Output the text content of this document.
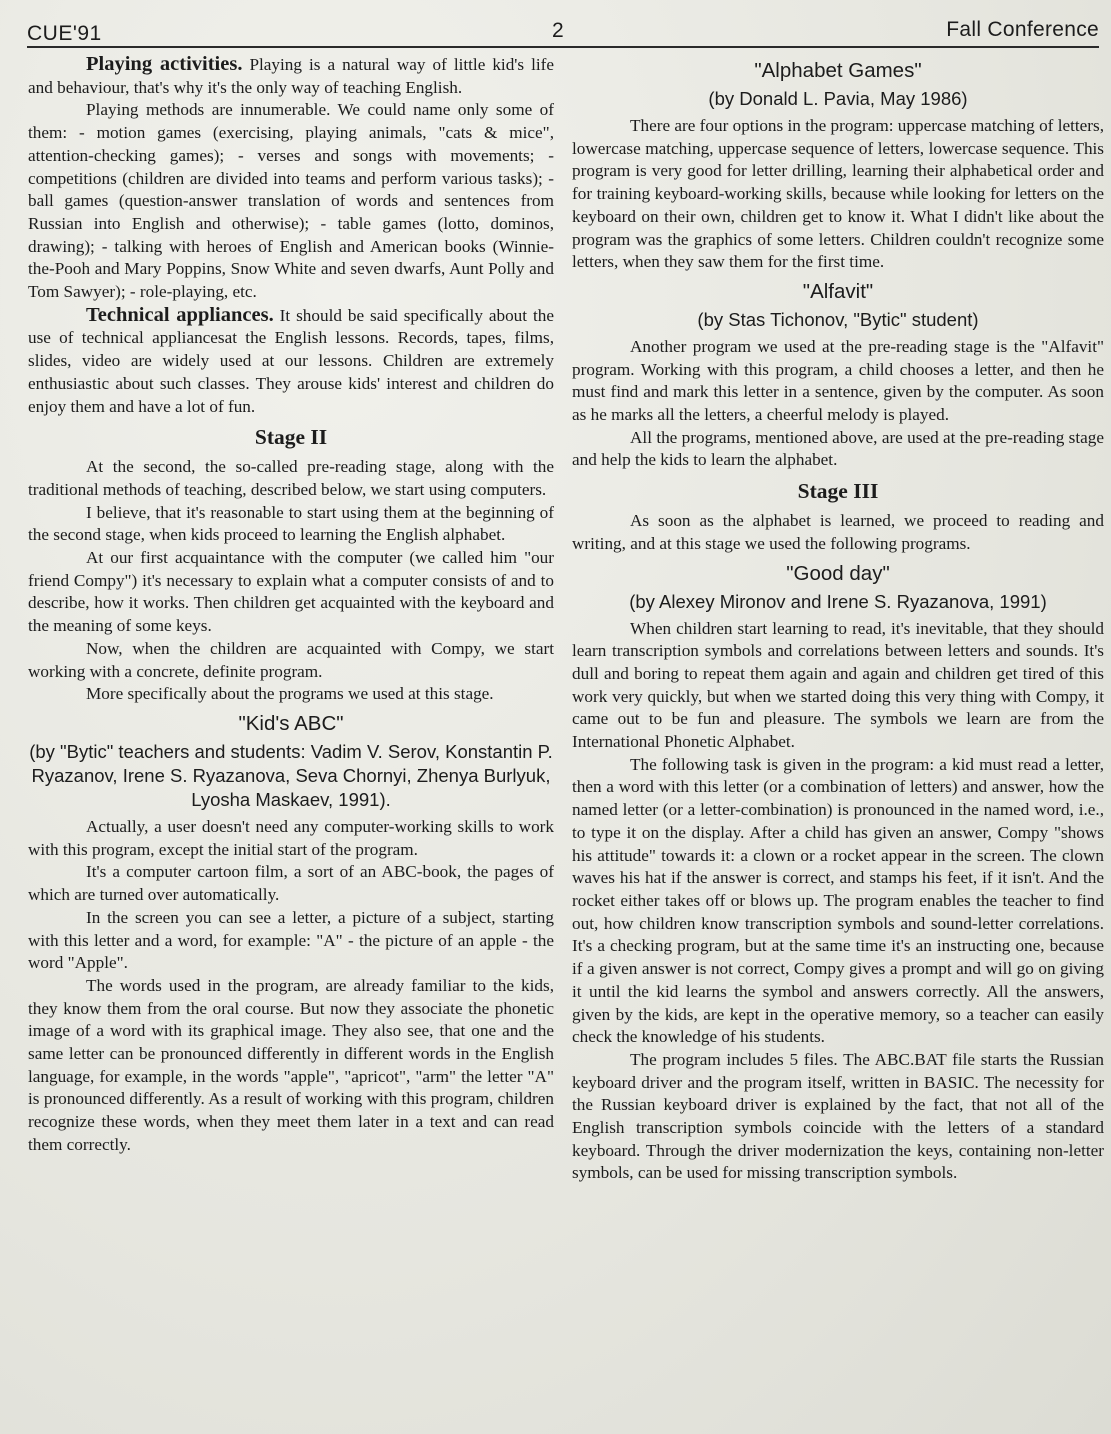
CUE'91	2	Fall Conference

Playing activities. Playing is a natural way of little kid's life and behaviour, that's why it's the only way of teaching English.

Playing methods are innumerable. We could name only some of them: - motion games (exercising, playing animals, "cats & mice", attention-checking games); - verses and songs with movements; - competitions (children are divided into teams and perform various tasks); - ball games (question-answer translation of words and sentences from Russian into English and otherwise); - table games (lotto, dominos, drawing); - talking with heroes of English and American books (Winnie-the-Pooh and Mary Poppins, Snow White and seven dwarfs, Aunt Polly and Tom Sawyer); - role-playing, etc.

Technical appliances. It should be said specifically about the use of technical appliancesat the English lessons. Records, tapes, films, slides, video are widely used at our lessons. Children are extremely enthusiastic about such classes. They arouse kids' interest and children do enjoy them and have a lot of fun.

Stage II

At the second, the so-called pre-reading stage, along with the traditional methods of teaching, described below, we start using computers.

I believe, that it's reasonable to start using them at the beginning of the second stage, when kids proceed to learning the English alphabet.

At our first acquaintance with the computer (we called him "our friend Compy") it's necessary to explain what a computer consists of and to describe, how it works. Then children get acquainted with the keyboard and the meaning of some keys.

Now, when the children are acquainted with Compy, we start working with a concrete, definite program.

More specifically about the programs we used at this stage.

"Kid's ABC"
(by "Bytic" teachers and students: Vadim V. Serov, Konstantin P. Ryazanov, Irene S. Ryazanova, Seva Chornyi, Zhenya Burlyuk, Lyosha Maskaev, 1991).

Actually, a user doesn't need any computer-working skills to work with this program, except the initial start of the program.

It's a computer cartoon film, a sort of an ABC-book, the pages of which are turned over automatically.

In the screen you can see a letter, a picture of a subject, starting with this letter and a word, for example: "A" - the picture of an apple - the word "Apple".

The words used in the program, are already familiar to the kids, they know them from the oral course. But now they associate the phonetic image of a word with its graphical image. They also see, that one and the same letter can be pronounced differently in different words in the English language, for example, in the words "apple", "apricot", "arm" the letter "A" is pronounced differently. As a result of working with this program, children recognize these words, when they meet them later in a text and can read them correctly.

"Alphabet Games"
(by Donald L. Pavia, May 1986)

There are four options in the program: uppercase matching of letters, lowercase matching, uppercase sequence of letters, lowercase sequence. This program is very good for letter drilling, learning their alphabetical order and for training keyboard-working skills, because while looking for letters on the keyboard on their own, children get to know it. What I didn't like about the program was the graphics of some letters. Children couldn't recognize some letters, when they saw them for the first time.

"Alfavit"
(by Stas Tichonov, "Bytic" student)

Another program we used at the pre-reading stage is the "Alfavit" program. Working with this program, a child chooses a letter, and then he must find and mark this letter in a sentence, given by the computer. As soon as he marks all the letters, a cheerful melody is played.

All the programs, mentioned above, are used at the pre-reading stage and help the kids to learn the alphabet.

Stage III

As soon as the alphabet is learned, we proceed to reading and writing, and at this stage we used the following programs.

"Good day"
(by Alexey Mironov and Irene S. Ryazanova, 1991)

When children start learning to read, it's inevitable, that they should learn transcription symbols and correlations between letters and sounds. It's dull and boring to repeat them again and again and children get tired of this work very quickly, but when we started doing this very thing with Compy, it came out to be fun and pleasure. The symbols we learn are from the International Phonetic Alphabet.

The following task is given in the program: a kid must read a letter, then a word with this letter (or a combination of letters) and answer, how the named letter (or a letter-combination) is pronounced in the named word, i.e., to type it on the display. After a child has given an answer, Compy "shows his attitude" towards it: a clown or a rocket appear in the screen. The clown waves his hat if the answer is correct, and stamps his feet, if it isn't. And the rocket either takes off or blows up. The program enables the teacher to find out, how children know transcription symbols and sound-letter correlations. It's a checking program, but at the same time it's an instructing one, because if a given answer is not correct, Compy gives a prompt and will go on giving it until the kid learns the symbol and answers correctly. All the answers, given by the kids, are kept in the operative memory, so a teacher can easily check the knowledge of his students.

The program includes 5 files. The ABC.BAT file starts the Russian keyboard driver and the program itself, written in BASIC. The necessity for the Russian keyboard driver is explained by the fact, that not all of the English transcription symbols coincide with the letters of a standard keyboard. Through the driver modernization the keys, containing non-letter symbols, can be used for missing transcription symbols.
